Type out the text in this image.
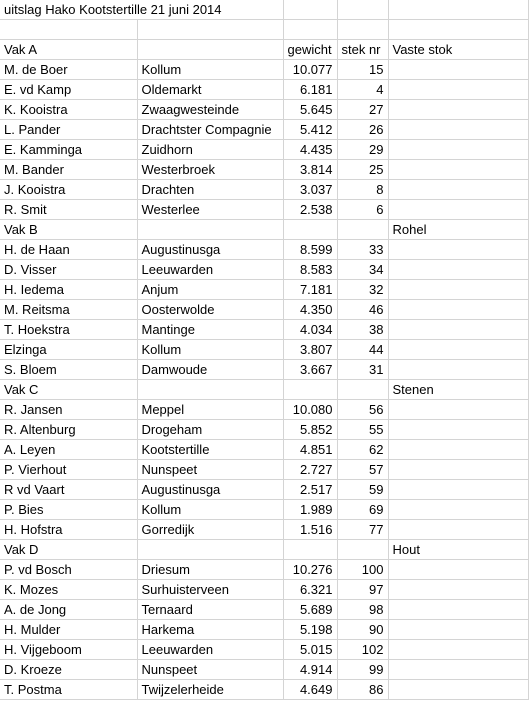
uitslag Hako Kootstertille 21 juni 2014				

Vak A		gewicht	stek nr	Vaste stok
M. de Boer	Kollum	10.077	15	
E. vd Kamp	Oldemarkt	6.181	4	
K. Kooistra	Zwaagwesteinde	5.645	27	
L. Pander	Drachtster Compagnie	5.412	26	
E. Kamminga	Zuidhorn	4.435	29	
M. Bander	Westerbroek	3.814	25	
J. Kooistra	Drachten	3.037	8	
R. Smit	Westerlee	2.538	6	
Vak B				Rohel
H. de Haan	Augustinusga	8.599	33	
D. Visser	Leeuwarden	8.583	34	
H. Iedema	Anjum	7.181	32	
M. Reitsma	Oosterwolde	4.350	46	
T. Hoekstra	Mantinge	4.034	38	
Elzinga	Kollum	3.807	44	
S. Bloem	Damwoude	3.667	31	
Vak C				Stenen
R. Jansen	Meppel	10.080	56	
R. Altenburg	Drogeham	5.852	55	
A. Leyen	Kootstertille	4.851	62	
P. Vierhout	Nunspeet	2.727	57	
R vd Vaart	Augustinusga	2.517	59	
P. Bies	Kollum	1.989	69	
H. Hofstra	Gorredijk	1.516	77	
Vak D				Hout
P. vd Bosch	Driesum	10.276	100	
K. Mozes	Surhuisterveen	6.321	97	
A. de Jong	Ternaard	5.689	98	
H. Mulder	Harkema	5.198	90	
H. Vijgeboom	Leeuwarden	5.015	102	
D. Kroeze	Nunspeet	4.914	99	
T. Postma	Twijzelerheide	4.649	86	
